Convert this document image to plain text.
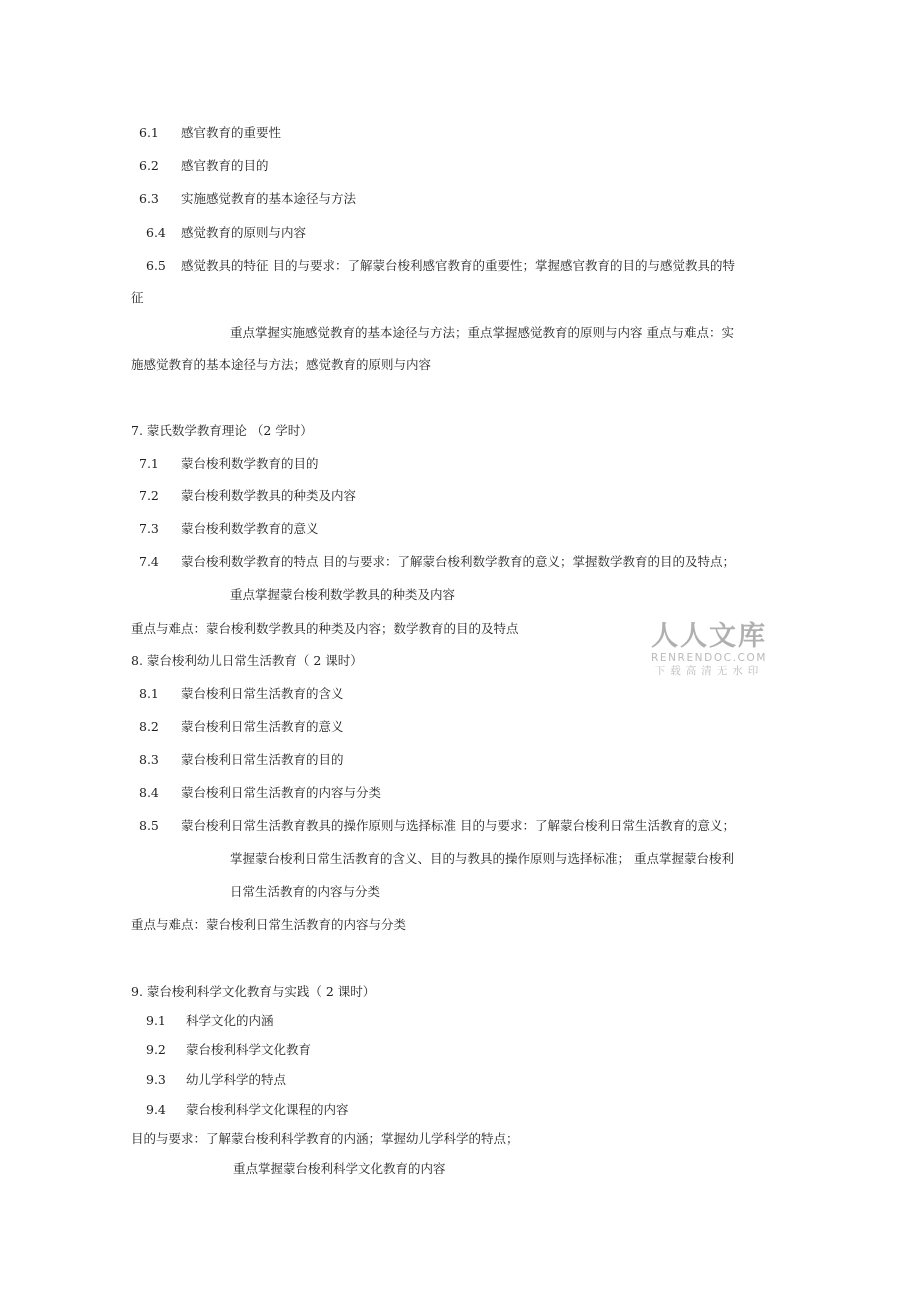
6.1 感官教育的重要性
6.2 感官教育的目的
6.3 实施感觉教育的基本途径与方法
6.4 感觉教育的原则与内容
6.5 感觉教具的特征 目的与要求：了解蒙台梭利感官教育的重要性；掌握感官教育的目的与感觉教具的特
征
重点掌握实施感觉教育的基本途径与方法；重点掌握感觉教育的原则与内容 重点与难点：实
施感觉教育的基本途径与方法；感觉教育的原则与内容
7. 蒙氏数学教育理论 （2 学时）
7.1 蒙台梭利数学教育的目的
7.2 蒙台梭利数学教具的种类及内容
7.3 蒙台梭利数学教育的意义
7.4 蒙台梭利数学教育的特点 目的与要求：了解蒙台梭利数学教育的意义；掌握数学教育的目的及特点；
重点掌握蒙台梭利数学教具的种类及内容
重点与难点：蒙台梭利数学教具的种类及内容；数学教育的目的及特点
8. 蒙台梭利幼儿日常生活教育（ 2 课时）
8.1 蒙台梭利日常生活教育的含义
8.2 蒙台梭利日常生活教育的意义
8.3 蒙台梭利日常生活教育的目的
8.4 蒙台梭利日常生活教育的内容与分类
8.5 蒙台梭利日常生活教育教具的操作原则与选择标准 目的与要求：了解蒙台梭利日常生活教育的意义；
掌握蒙台梭利日常生活教育的含义、目的与教具的操作原则与选择标准； 重点掌握蒙台梭利
日常生活教育的内容与分类
重点与难点：蒙台梭利日常生活教育的内容与分类
9. 蒙台梭利科学文化教育与实践（ 2 课时）
9.1 科学文化的内涵
9.2 蒙台梭利科学文化教育
9.3 幼儿学科学的特点
9.4 蒙台梭利科学文化课程的内容
目的与要求：了解蒙台梭利科学教育的内涵；掌握幼儿学科学的特点；
重点掌握蒙台梭利科学文化教育的内容
人人文库
RENRENDOC.COM
下载高清无水印
